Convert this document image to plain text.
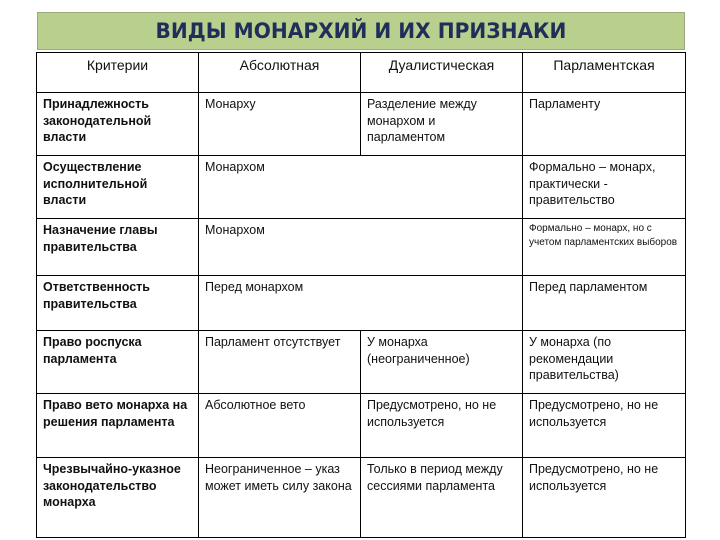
ВИДЫ МОНАРХИЙ И ИХ ПРИЗНАКИ
Критерии	Абсолютная	Дуалистическая	Парламентская
Принадлежность законодательной власти	Монарху	Разделение между монархом и парламентом	Парламенту
Осуществление исполнительной власти	Монархом		Формально – монарх, практически - правительство
Назначение главы правительства	Монархом		Формально – монарх, но с учетом парламентских выборов
Ответственность правительства	Перед монархом		Перед парламентом
Право роспуска парламента	Парламент отсутствует	У монарха (неограниченное)	У монарха (по рекомендации правительства)
Право вето монарха на решения парламента	Абсолютное вето	Предусмотрено, но не используется	Предусмотрено, но не используется
Чрезвычайно-указное законодательство монарха	Неограниченное – указ может иметь силу закона	Только в период между сессиями парламента	Предусмотрено, но не используется
